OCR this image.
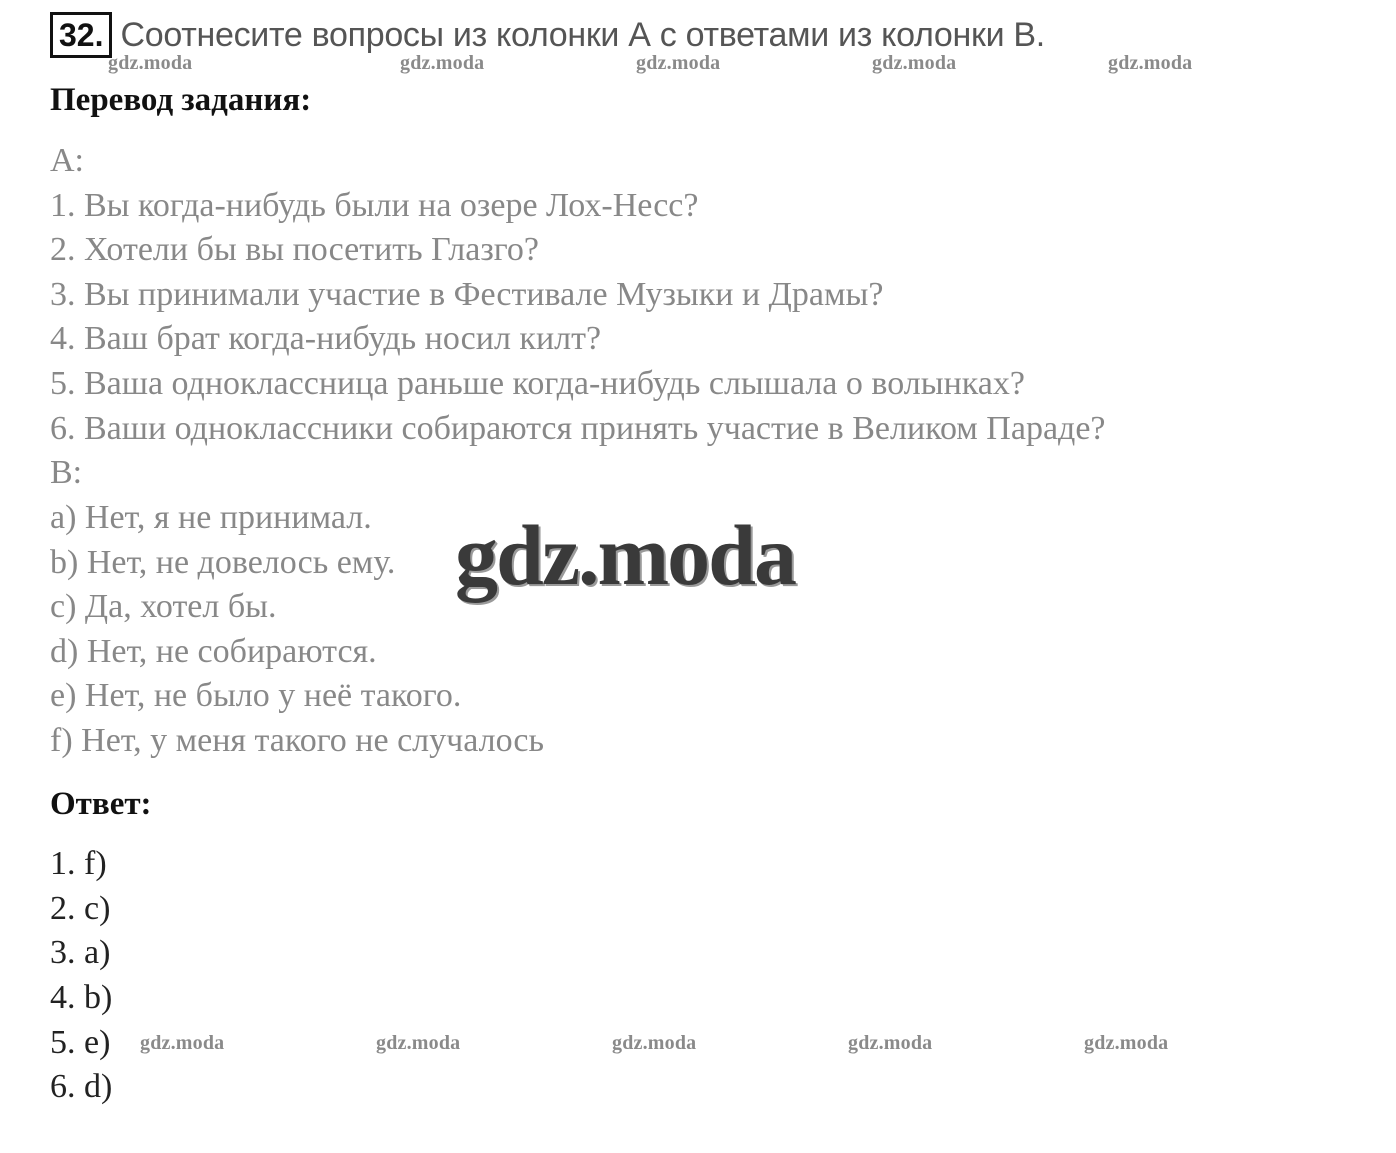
32. Соотнесите вопросы из колонки А с ответами из колонки В.
gdz.moda	gdz.moda	gdz.moda	gdz.moda	gdz.moda
Перевод задания:
А:
1. Вы когда-нибудь были на озере Лох-Несс?
2. Хотели бы вы посетить Глазго?
3. Вы принимали участие в Фестивале Музыки и Драмы?
4. Ваш брат когда-нибудь носил килт?
5. Ваша одноклассница раньше когда-нибудь слышала о волынках?
6. Ваши одноклассники собираются принять участие в Великом Параде?
В:
a) Нет, я не принимал.
b) Нет, не довелось ему.
c) Да, хотел бы.
d) Нет, не собираются.
e) Нет, не было у неё такого.
f) Нет, у меня такого не случалось
gdz.moda
Ответ:
1. f)
2. c)
3. a)
4. b)
5. e)
6. d)
gdz.moda	gdz.moda	gdz.moda	gdz.moda	gdz.moda
